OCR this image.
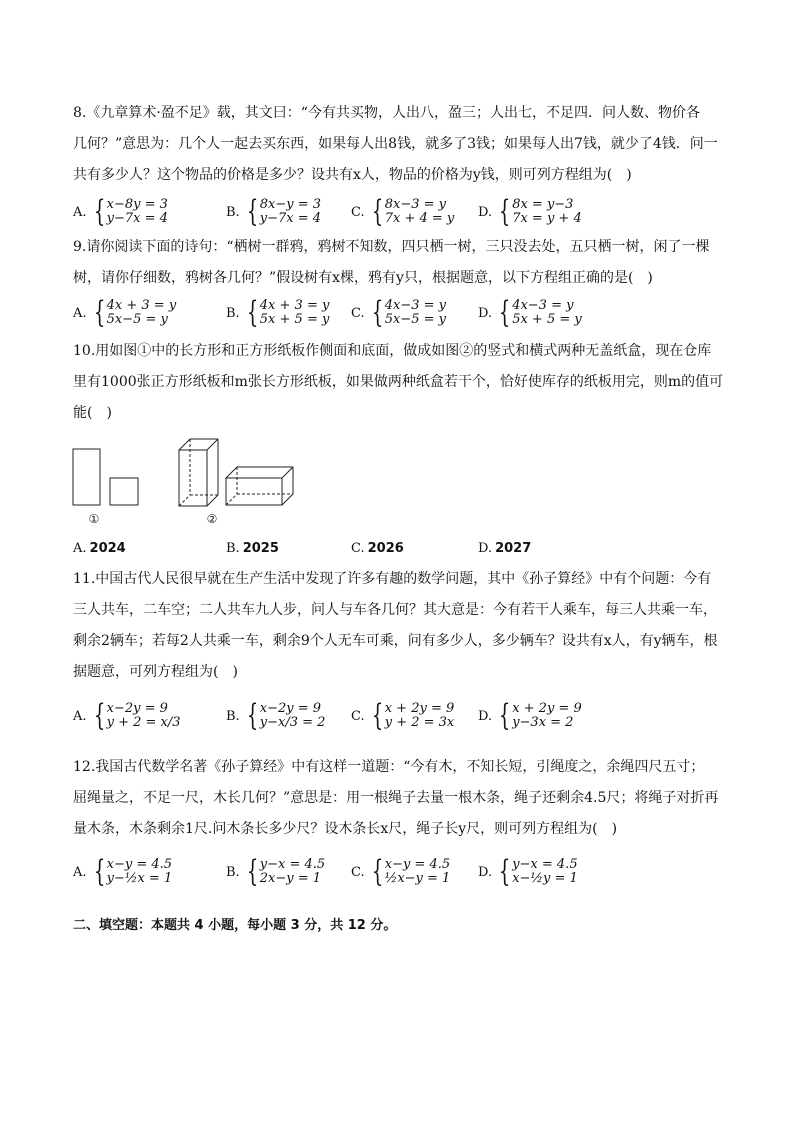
8.《九章算术·盈不足》载，其文曰：“今有共买物，人出八，盈三；人出七，不足四．问人数、物价各
几何？”意思为：几个人一起去买东西，如果每人出8钱，就多了3钱；如果每人出7钱，就少了4钱．问一
共有多少人？这个物品的价格是多少？设共有x人，物品的价格为y钱，则可列方程组为(　)
A. { x−8y = 3
y−7x = 4	B. { 8x−y = 3
y−7x = 4 C. { 8x−3 = y
7x + 4 = y D. { 8x = y−3
7x = y + 4
9.请你阅读下面的诗句：“栖树一群鸦，鸦树不知数，四只栖一树，三只没去处，五只栖一树，闲了一棵
树，请你仔细数，鸦树各几何？”假设树有x棵，鸦有y只，根据题意，以下方程组正确的是(　)
A. { 4x + 3 = y
5x−5 = y	B. { 4x + 3 = y
5x + 5 = y C. { 4x−3 = y
5x−5 = y D. { 4x−3 = y
5x + 5 = y
10.用如图①中的长方形和正方形纸板作侧面和底面，做成如图②的竖式和横式两种无盖纸盒，现在仓库
里有1000张正方形纸板和m张长方形纸板，如果做两种纸盒若干个，恰好使库存的纸板用完，则m的值可
能(　)
①	②
A. 2024	B. 2025	C. 2026	D. 2027
11.中国古代人民很早就在生产生活中发现了许多有趣的数学问题，其中《孙子算经》中有个问题：今有
三人共车，二车空；二人共车九人步，问人与车各几何？其大意是：今有若干人乘车，每三人共乘一车，
剩余2辆车；若每2人共乘一车，剩余9个人无车可乘，问有多少人，多少辆车？设共有x人，有y辆车，根
据题意，可列方程组为(　)
A. { x−2y = 9
y + 2 = x/3	B. { x−2y = 9
y−x/3 = 2 C. { x + 2y = 9
y + 2 = 3x D. { x + 2y = 9
y−3x = 2
12.我国古代数学名著《孙子算经》中有这样一道题：“今有木，不知长短，引绳度之，余绳四尺五寸；
屈绳量之，不足一尺，木长几何？”意思是：用一根绳子去量一根木条，绳子还剩余4.5尺；将绳子对折再
量木条，木条剩余1尺.问木条长多少尺？设木条长x尺，绳子长y尺，则可列方程组为(　)
A. { x−y = 4.5
y−½x = 1	B. { y−x = 4.5
2x−y = 1	C. { x−y = 4.5
½x−y = 1 D. { y−x = 4.5
x−½y = 1
二、填空题：本题共 4 小题，每小题 3 分，共 12 分。
